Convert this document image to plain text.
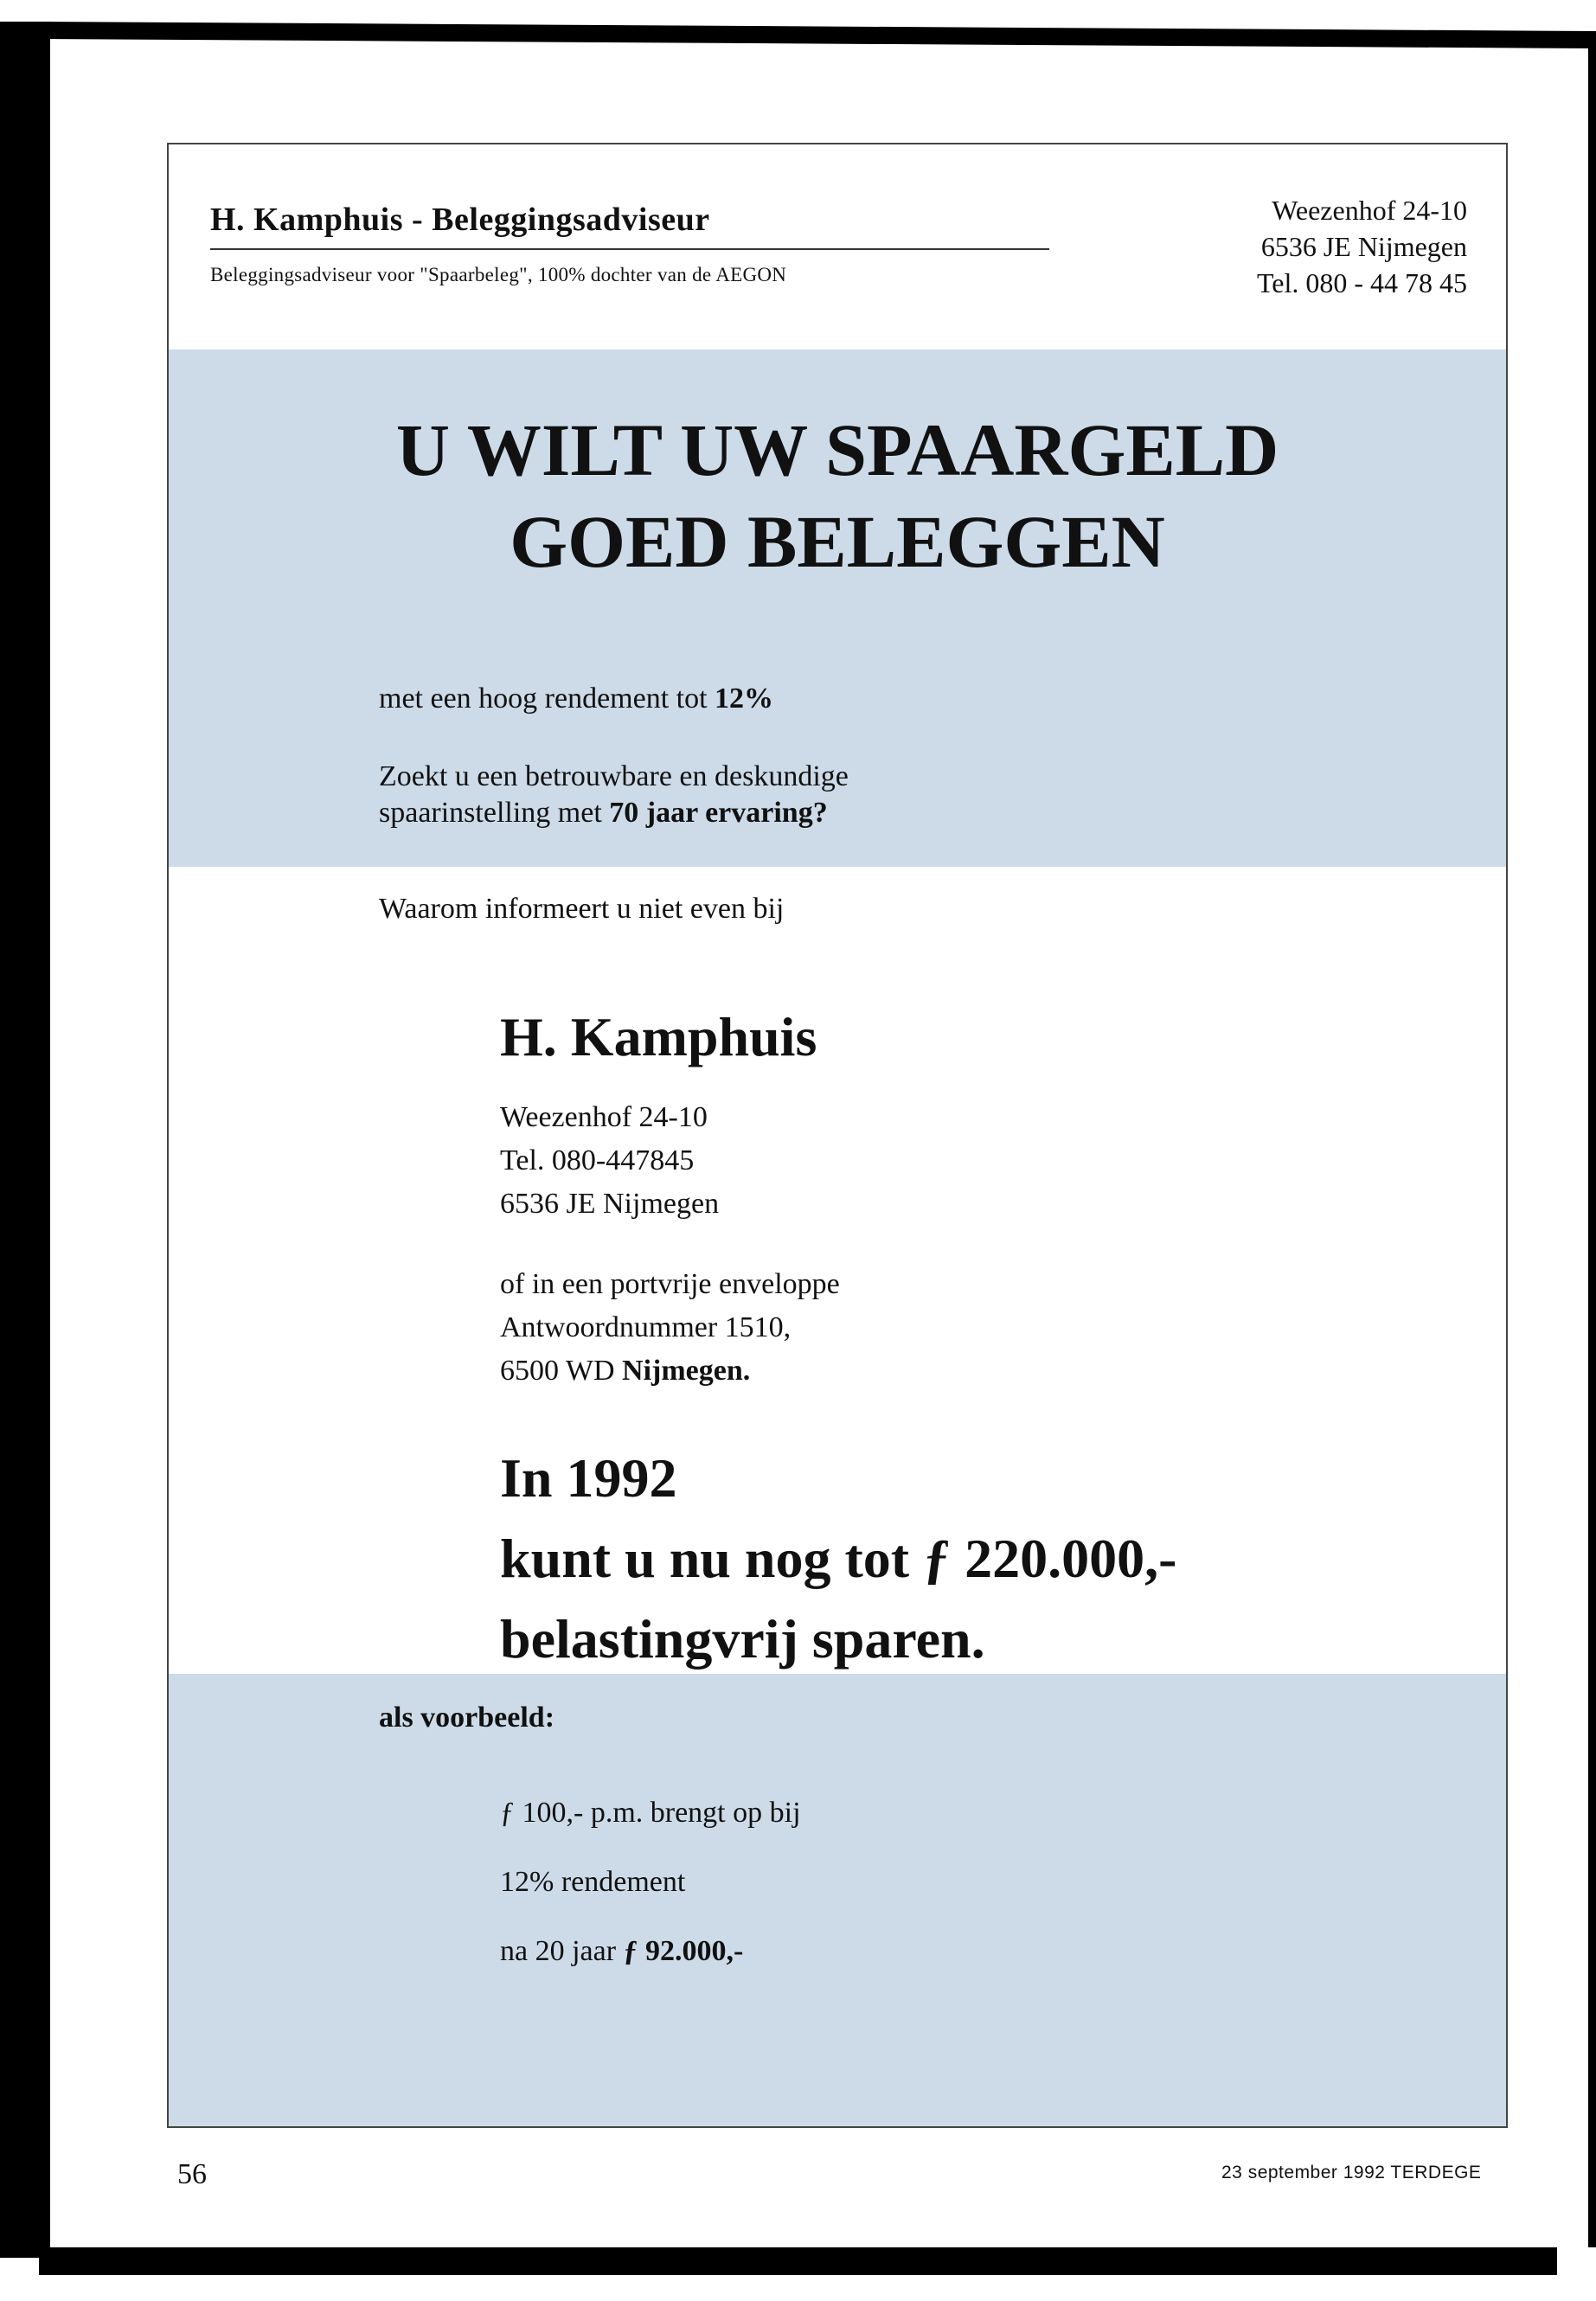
H. Kamphuis - Beleggingsadviseur
Beleggingsadviseur voor "Spaarbeleg", 100% dochter van de AEGON
Weezenhof 24-10
6536 JE Nijmegen
Tel. 080 - 44 78 45
U WILT UW SPAARGELD
GOED BELEGGEN
met een hoog rendement tot 12%
Zoekt u een betrouwbare en deskundige
spaarinstelling met 70 jaar ervaring?
Waarom informeert u niet even bij
H. Kamphuis
Weezenhof 24-10
Tel. 080-447845
6536 JE Nijmegen
of in een portvrije enveloppe
Antwoordnummer 1510,
6500 WD Nijmegen.
In 1992
kunt u nu nog tot ƒ 220.000,-
belastingvrij sparen.
als voorbeeld:
ƒ 100,- p.m. brengt op bij
12% rendement
na 20 jaar ƒ 92.000,-
56	23 september 1992 TERDEGE
